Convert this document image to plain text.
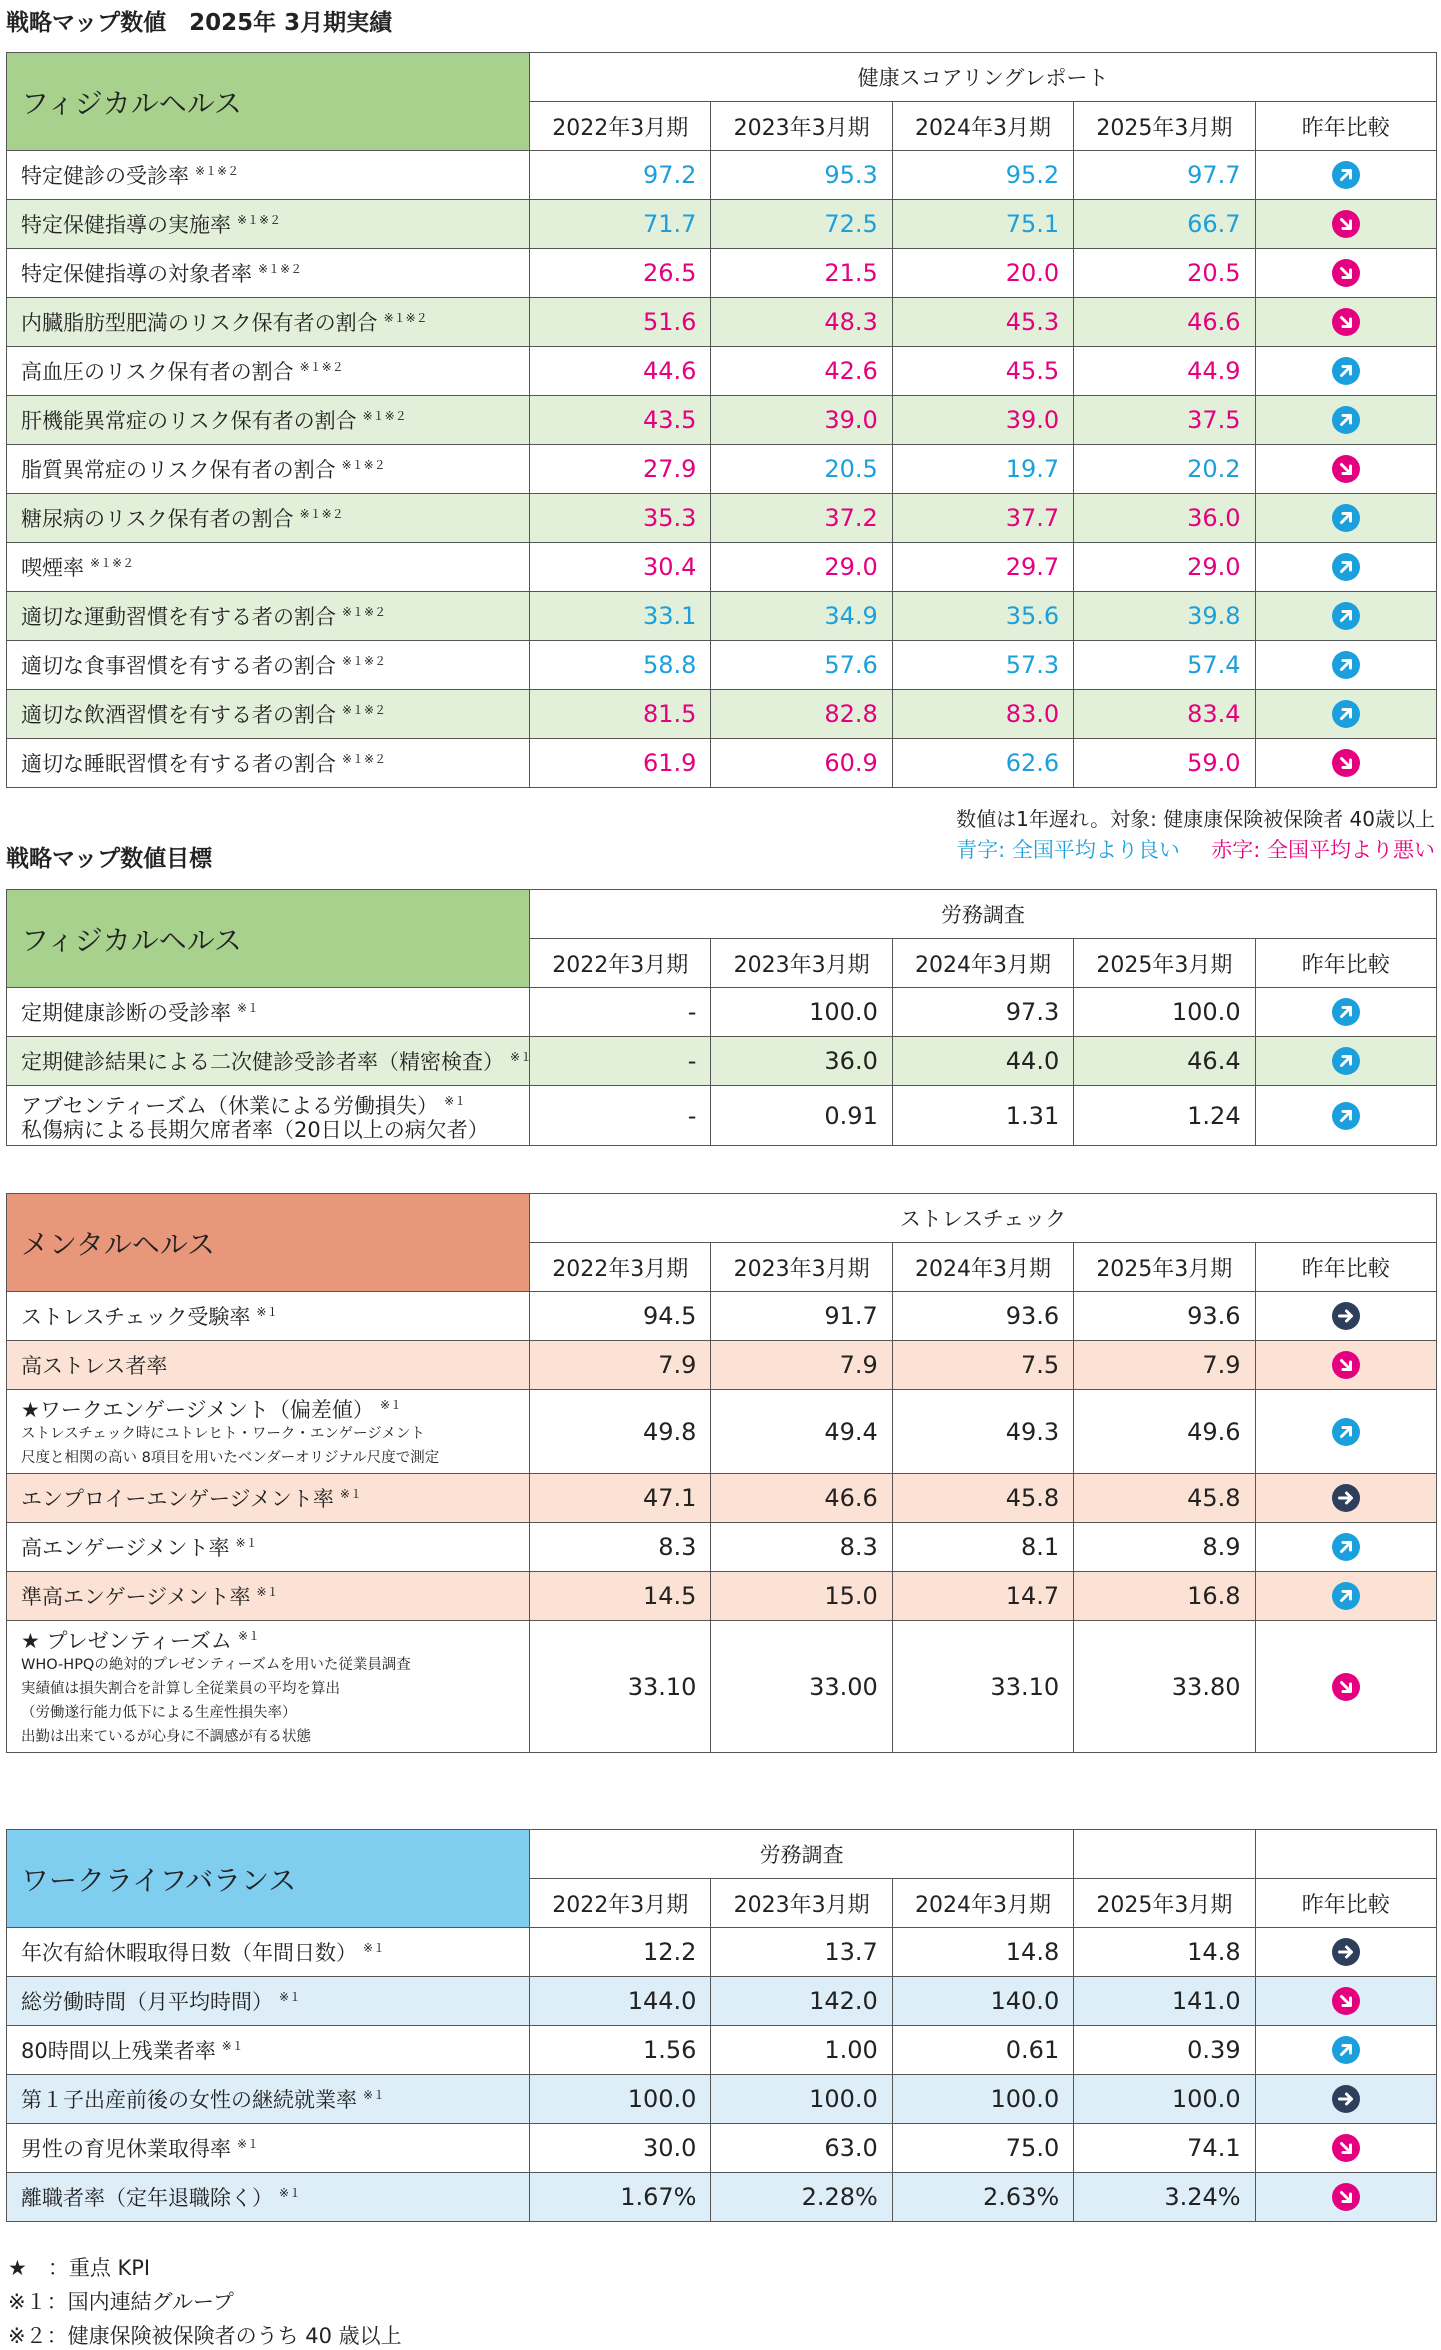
戦略マップ数値　2025年 3月期実績
フィジカルヘルス	健康スコアリングレポート				
	2022年3月期	2023年3月期	2024年3月期	2025年3月期	昨年比較
特定健診の受診率 $^{※1※2}$	97.2	95.3	95.2	97.7	
特定保健指導の実施率 $^{※1※2}$	71.7	72.5	75.1	66.7	
特定保健指導の対象者率 $^{※1※2}$	26.5	21.5	20.0	20.5	
内臓脂肪型肥満のリスク保有者の割合 $^{※1※2}$	51.6	48.3	45.3	46.6	
高血圧のリスク保有者の割合 $^{※1※2}$	44.6	42.6	45.5	44.9	
肝機能異常症のリスク保有者の割合 $^{※1※2}$	43.5	39.0	39.0	37.5	
脂質異常症のリスク保有者の割合 $^{※1※2}$	27.9	20.5	19.7	20.2	
糖尿病のリスク保有者の割合 $^{※1※2}$	35.3	37.2	37.7	36.0	
喫煙率 $^{※1※2}$	30.4	29.0	29.7	29.0	
適切な運動習慣を有する者の割合 $^{※1※2}$	33.1	34.9	35.6	39.8	
適切な食事習慣を有する者の割合 $^{※1※2}$	58.8	57.6	57.3	57.4	
適切な飲酒習慣を有する者の割合 $^{※1※2}$	81.5	82.8	83.0	83.4	
適切な睡眠習慣を有する者の割合 $^{※1※2}$	61.9	60.9	62.6	59.0	
数値は1年遅れ。対象: 健康康保険被保険者 40歳以上
戦略マップ数値目標	青字: 全国平均より良い 赤字: 全国平均より悪い
フィジカルヘルス	労務調査				
	2022年3月期	2023年3月期	2024年3月期	2025年3月期	昨年比較
定期健康診断の受診率 $^{※1}$	-	100.0	97.3	100.0	
定期健診結果による二次健診受診者率（精密検査） $^{※1}$	-	36.0	44.0	46.4	
アブセンティーズム（休業による労働損失） $^{※1}$
私傷病による長期欠席者率（20日以上の病欠者）	-	0.91	1.31	1.24	
メンタルヘルス	ストレスチェック				
	2022年3月期	2023年3月期	2024年3月期	2025年3月期	昨年比較
ストレスチェック受験率 $^{※1}$	94.5	91.7	93.6	93.6	
高ストレス者率	7.9	7.9	7.5	7.9	
★ワークエンゲージメント（偏差値） $^{※1}$
ストレスチェック時にユトレヒト・ワーク・エンゲージメント
尺度と相関の高い 8項目を用いたベンダーオリジナル尺度で測定	49.8	49.4	49.3	49.6	
エンプロイーエンゲージメント率 $^{※1}$	47.1	46.6	45.8	45.8	
高エンゲージメント率 $^{※1}$	8.3	8.3	8.1	8.9	
準高エンゲージメント率 $^{※1}$	14.5	15.0	14.7	16.8	
★ プレゼンティーズム $^{※1}$
WHO-HPQの絶対的プレゼンティーズムを用いた従業員調査
実績値は損失割合を計算し全従業員の平均を算出
（労働遂行能力低下による生産性損失率）
出勤は出来ているが心身に不調感が有る状態	33.10	33.00	33.10	33.80	
ワークライフバランス	労務調査				
	2022年3月期	2023年3月期	2024年3月期	2025年3月期	昨年比較
年次有給休暇取得日数（年間日数） $^{※1}$	12.2	13.7	14.8	14.8	
総労働時間（月平均時間） $^{※1}$	144.0	142.0	140.0	141.0	
80時間以上残業者率 $^{※1}$	1.56	1.00	0.61	0.39	
第１子出産前後の女性の継続就業率 $^{※1}$	100.0	100.0	100.0	100.0	
男性の育児休業取得率 $^{※1}$	30.0	63.0	75.0	74.1	
離職者率（定年退職除く） $^{※1}$	1.67%	2.28%	2.63%	3.24%	
★　：重点 KPI
※１：国内連結グループ
※２：健康保険被保険者のうち 40 歳以上
